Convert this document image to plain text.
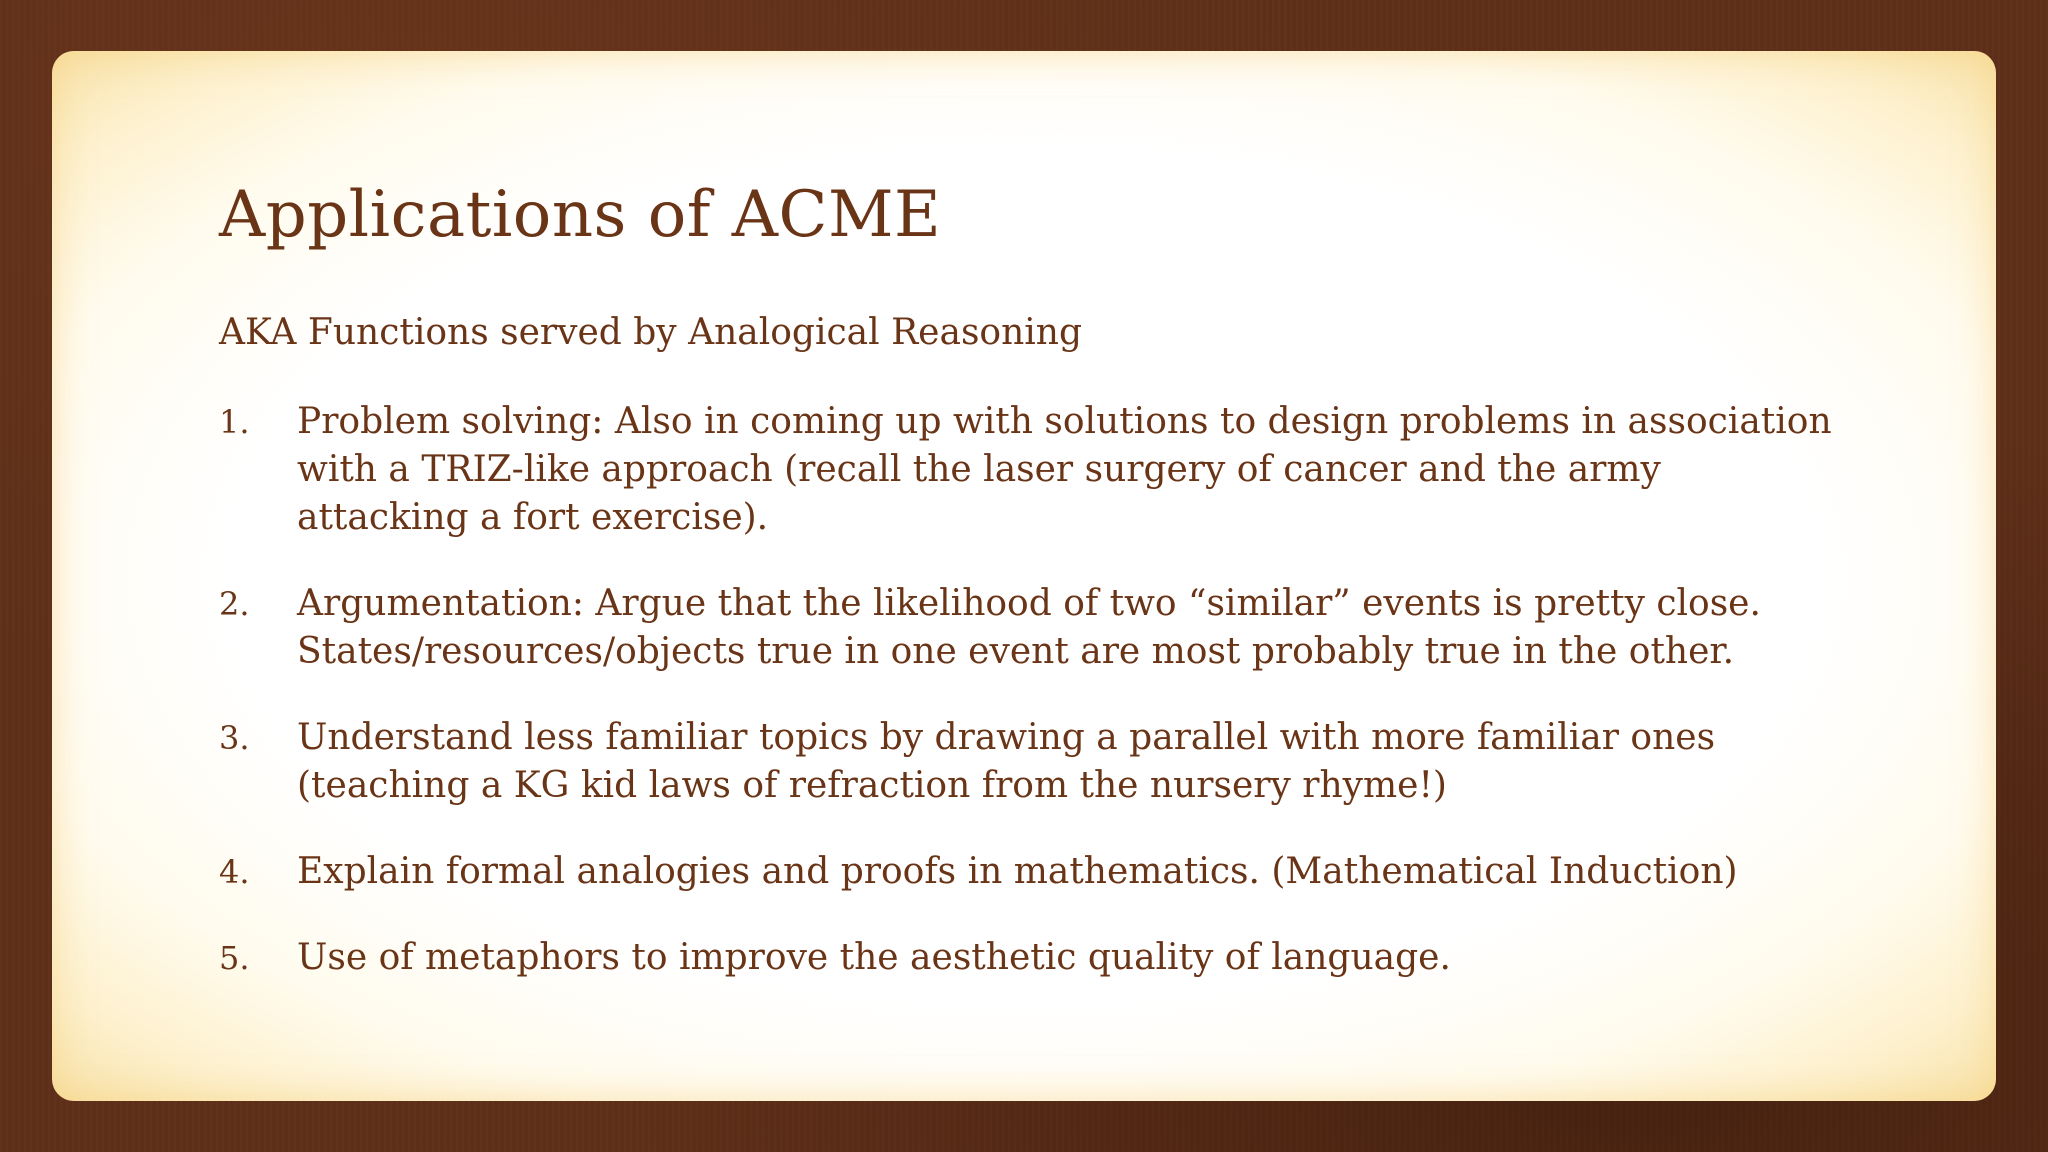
Applications of ACME

AKA Functions served by Analogical Reasoning

1.	Problem solving: Also in coming up with solutions to design problems in association with a TRIZ-like approach (recall the laser surgery of cancer and the army attacking a fort exercise).
2.	Argumentation: Argue that the likelihood of two “similar” events is pretty close. States/resources/objects true in one event are most probably true in the other.
3.	Understand less familiar topics by drawing a parallel with more familiar ones (teaching a KG kid laws of refraction from the nursery rhyme!)
4.	Explain formal analogies and proofs in mathematics. (Mathematical Induction)
5.	Use of metaphors to improve the aesthetic quality of language.
